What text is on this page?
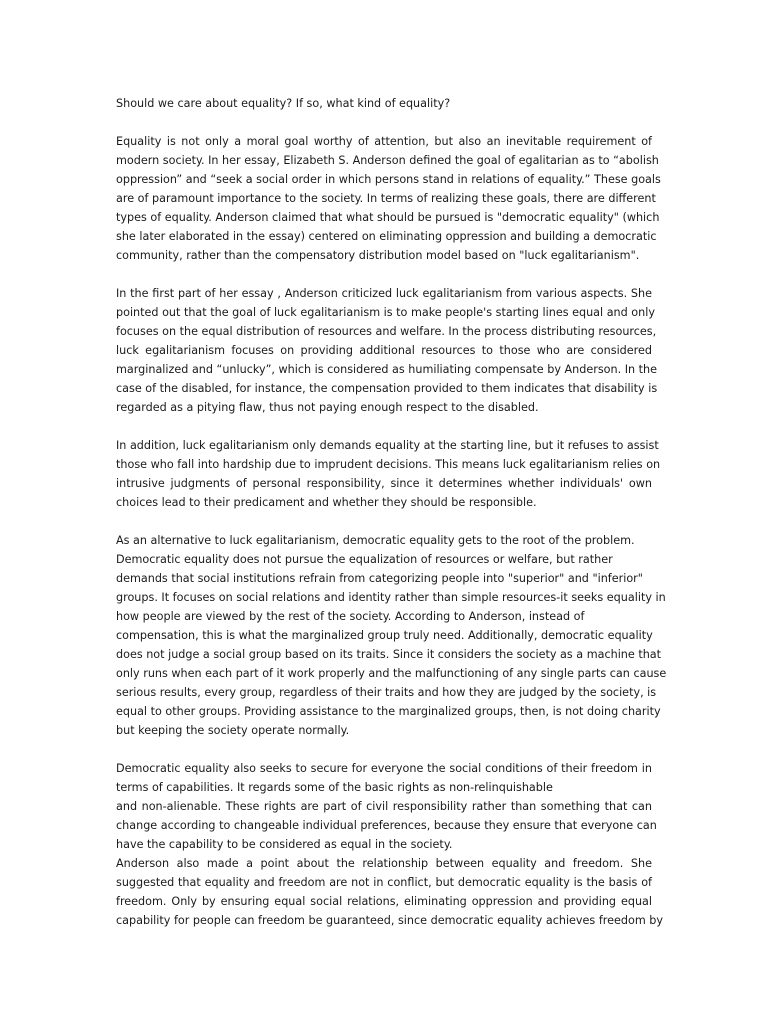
Should we care about equality? If so, what kind of equality?
Equality is not only a moral goal worthy of attention, but also an inevitable requirement of
modern society. In her essay, Elizabeth S. Anderson defined the goal of egalitarian as to “abolish
oppression” and “seek a social order in which persons stand in relations of equality.” These goals
are of paramount importance to the society. In terms of realizing these goals, there are different
types of equality. Anderson claimed that what should be pursued is "democratic equality" (which
she later elaborated in the essay) centered on eliminating oppression and building a democratic
community, rather than the compensatory distribution model based on "luck egalitarianism".
In the first part of her essay , Anderson criticized luck egalitarianism from various aspects. She
pointed out that the goal of luck egalitarianism is to make people's starting lines equal and only
focuses on the equal distribution of resources and welfare. In the process distributing resources,
luck egalitarianism focuses on providing additional resources to those who are considered
marginalized and “unlucky”, which is considered as humiliating compensate by Anderson. In the
case of the disabled, for instance, the compensation provided to them indicates that disability is
regarded as a pitying flaw, thus not paying enough respect to the disabled.
In addition, luck egalitarianism only demands equality at the starting line, but it refuses to assist
those who fall into hardship due to imprudent decisions. This means luck egalitarianism relies on
intrusive judgments of personal responsibility, since it determines whether individuals' own
choices lead to their predicament and whether they should be responsible.
As an alternative to luck egalitarianism, democratic equality gets to the root of the problem.
Democratic equality does not pursue the equalization of resources or welfare, but rather
demands that social institutions refrain from categorizing people into "superior" and "inferior"
groups. It focuses on social relations and identity rather than simple resources-it seeks equality in
how people are viewed by the rest of the society. According to Anderson, instead of
compensation, this is what the marginalized group truly need. Additionally, democratic equality
does not judge a social group based on its traits. Since it considers the society as a machine that
only runs when each part of it work properly and the malfunctioning of any single parts can cause
serious results, every group, regardless of their traits and how they are judged by the society, is
equal to other groups. Providing assistance to the marginalized groups, then, is not doing charity
but keeping the society operate normally.
Democratic equality also seeks to secure for everyone the social conditions of their freedom in
terms of capabilities. It regards some of the basic rights as non-relinquishable
and non-alienable. These rights are part of civil responsibility rather than something that can
change according to changeable individual preferences, because they ensure that everyone can
have the capability to be considered as equal in the society.
Anderson also made a point about the relationship between equality and freedom. She
suggested that equality and freedom are not in conflict, but democratic equality is the basis of
freedom. Only by ensuring equal social relations, eliminating oppression and providing equal
capability for people can freedom be guaranteed, since democratic equality achieves freedom by
